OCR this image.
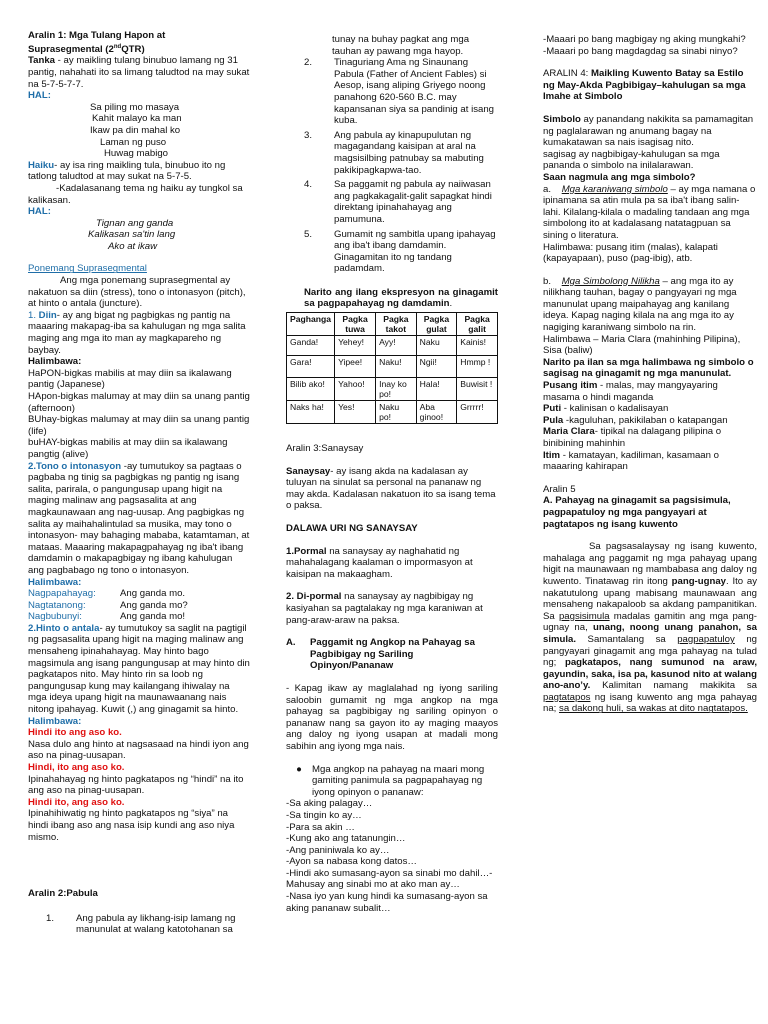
Aralin 1: Mga Tulang Hapon at
Suprasegmental (2ndQTR)

Tanka - ay maikling tulang binubuo lamang ng 31 pantig, nahahati ito sa limang taludtod na may sukat na 5-7-5-7-7.

HAL:

Sa piling mo masaya

Kahit malayo ka man

Ikaw pa din mahal ko

Laman ng puso

Huwag mabigo

Haiku- ay isa ring maikling tula, binubuo ito ng tatlong taludtod at may sukat na 5-7-5.

-Kadalasanang tema ng haiku ay tungkol sa kalikasan.

HAL:

Tignan ang ganda

Kalikasan sa'tin lang

Ako at ikaw

Ponemang Suprasegmental

Ang mga ponemang suprasegmental ay nakatuon sa diin (stress), tono o intonasyon (pitch), at hinto o antala (juncture).

1. Diin- ay ang bigat ng pagbigkas ng pantig na maaaring makapag-iba sa kahulugan ng mga salita maging ang mga ito man ay magkapareho ng baybay.

Halimbawa:

HaPON-bigkas mabilis at may diin sa ikalawang pantig (Japanese)

HApon-bigkas malumay at may diin sa unang pantig (afternoon)

BUhay-bigkas malumay at may diin sa unang pantig (life)

buHAY-bigkas mabilis at may diin sa ikalawang pangtig (alive)

2.Tono o intonasyon -ay tumutukoy sa pagtaas o pagbaba ng tinig sa pagbigkas ng pantig ng isang salita, parirala, o pangungusap upang higit na maging malinaw ang pagsasalita at ang magkaunawaan ang nag-uusap. Ang pagbigkas ng salita ay maihahalintulad sa musika, may tono o intonasyon- may bahaging mababa, katamtaman, at mataas. Maaaring makapagpahayag ng iba't ibang damdamin o makapagbigay ng ibang kahulugan ang pagbabago ng tono o intonasyon.

Halimbawa:

Nagpapahayag:	Ang ganda mo.
Nagtatanong:	Ang ganda mo?
Nagbubunyi:	Ang ganda mo!

2.Hinto o antala- ay tumutukoy sa saglit na pagtigil ng pagsasalita upang higit na maging malinaw ang mensaheng ipinahahayag. May hinto bago magsimula ang isang pangungusap at may hinto din pagkatapos nito. May hinto rin sa loob ng pangungusap kung may kailangang ihiwalay na mga ideya upang higit na maunawaanang nais nitong ipahayag. Kuwit (,) ang ginagamit sa hinto.

Halimbawa:

Hindi ito ang aso ko.

Nasa dulo ang hinto at nagsasaad na hindi iyon ang aso na pinag-uusapan.

Hindi, ito ang aso ko.

Ipinahahayag ng hinto pagkatapos ng “hindi” na ito ang aso na pinag-uusapan.

Hindi ito, ang aso ko.

Ipinahihiwatig ng hinto pagkatapos ng “siya” na hindi ibang aso ang nasa isip kundi ang aso niya mismo.

Aralin 2:Pabula

1.	Ang pabula ay likhang-isip lamang ng manunulat at walang katotohanan sa

tunay na buhay pagkat ang mga tauhan ay pawang mga hayop.

2.	Tinaguriang Ama ng Sinaunang Pabula (Father of Ancient Fables) si Aesop, isang aliping Griyego noong panahong 620-560 B.C. may kapansanan siya sa pandinig at isang kuba.
3.	Ang pabula ay kinapupulutan ng magagandang kaisipan at aral na magsisilbing patnubay sa mabuting pakikipagkapwa-tao.
4.	Sa paggamit ng pabula ay naiiwasan ang pagkakagalit-galit sapagkat hindi direktang ipinahahayag ang pamumuna.
5.	Gumamit ng sambitla upang ipahayag ang iba't ibang damdamin. Ginagamitan ito ng tandang padamdam.

Narito ang ilang ekspresyon na ginagamit sa pagpapahayag ng damdamin.

Paghanga	Pagka tuwa	Pagka takot	Pagka gulat	Pagka galit
Ganda!	Yehey!	Ayy!	Naku	Kainis!
Gara!	Yipee!	Naku!	Ngii!	Hmmp !
Bilib ako!	Yahoo!	Inay ko po!	Hala!	Buwisit !
Naks ha!	Yes!	Naku po!	Aba ginoo!	Grrrrr!

Aralin 3:Sanaysay

Sanaysay- ay isang akda na kadalasan ay tuluyan na sinulat sa personal na pananaw ng may akda. Kadalasan nakatuon ito sa isang tema o paksa.

DALAWA URI NG SANAYSAY

1.Pormal na sanaysay ay naghahatid ng mahahalagang kaalaman o impormasyon at kaisipan na makaagham.

2. Di-pormal na sanaysay ay nagbibigay ng kasiyahan sa pagtalakay ng mga karaniwan at pang-araw-araw na paksa.

A.	Paggamit ng Angkop na Pahayag sa Pagbibigay ng Sariling Opinyon/Pananaw

- Kapag ikaw ay maglalahad ng iyong sariling saloobin gumamit ng mga angkop na mga pahayag sa pagbibigay ng sariling opinyon o pananaw nang sa gayon ito ay maging maayos ang daloy ng iyong usapan at madali mong sabihin ang iyong mga nais.

●	Mga angkop na pahayag na maari mong gamiting panimula sa pagpapahayag ng iyong opinyon o pananaw:

-Sa aking palagay…

-Sa tingin ko ay…

-Para sa akin …

-Kung ako ang tatanungin…

-Ang paniniwala ko ay…

-Ayon sa nabasa kong datos…

-Hindi ako sumasang-ayon sa sinabi mo dahil…-Mahusay ang sinabi mo at ako man ay…

-Nasa iyo yan kung hindi ka sumasang-ayon sa aking pananaw subalit…

-Maaari po bang magbigay ng aking mungkahi?

-Maaari po bang magdagdag sa sinabi ninyo?

ARALIN 4: Maikling Kuwento Batay sa Estilo ng May-Akda Pagbibigay–kahulugan sa mga Imahe at Simbolo

Simbolo ay panandang nakikita sa pamamagitan ng paglalarawan ng anumang bagay na kumakatawan sa nais isagisag nito.

sagisag ay nagbibigay-kahulugan sa mga pananda o simbolo na inilalarawan.

Saan nagmula ang mga simbolo?

a. Mga karaniwang simbolo – ay mga namana o ipinamana sa atin mula pa sa iba't ibang salin-lahi. Kilalang-kilala o madaling tandaan ang mga simbolong ito at kadalasang natatagpuan sa sining o literatura.

Halimbawa: pusang itim (malas), kalapati (kapayapaan), puso (pag-ibig), atb.

b. Mga Simbolong Nilikha – ang mga ito ay nilikhang tauhan, bagay o pangyayari ng mga manunulat upang maipahayag ang kanilang ideya. Kapag naging kilala na ang mga ito ay nagiging karaniwang simbolo na rin.

Halimbawa – Maria Clara (mahinhing Pilipina), Sisa (baliw)

Narito pa ilan sa mga halimbawa ng simbolo o sagisag na ginagamit ng mga manunulat.

Pusang itim - malas, may mangyayaring masama o hindi maganda

Puti - kalinisan o kadalisayan

Pula -kaguluhan, pakikilaban o katapangan

Maria Clara- tipikal na dalagang pilipina o binibining mahinhin

Itim - kamatayan, kadiliman, kasamaan o maaaring kahirapan

Aralin 5

A. Pahayag na ginagamit sa pagsisimula, pagpapatuloy ng mga pangyayari at pagtatapos ng isang kuwento

Sa pagsasalaysay ng isang kuwento, mahalaga ang paggamit ng mga pahayag upang higit na maunawaan ng mambabasa ang daloy ng kuwento. Tinatawag rin itong pang-ugnay. Ito ay nakatutulong upang mabisang maunawaan ang mensaheng nakapaloob sa akdang pampanitikan. Sa pagsisimula madalas gamitin ang mga pang-ugnay na, unang, noong unang panahon, sa simula. Samantalang sa pagpapatuloy ng pangyayari ginagamit ang mga pahayag na tulad ng; pagkatapos, nang sumunod na araw, gayundin, saka, isa pa, kasunod nito at walang ano-ano’y. Kalimitan namang makikita sa pagtatapos ng isang kuwento ang mga pahayag na; sa dakong huli, sa wakas at dito nagtatapos.
